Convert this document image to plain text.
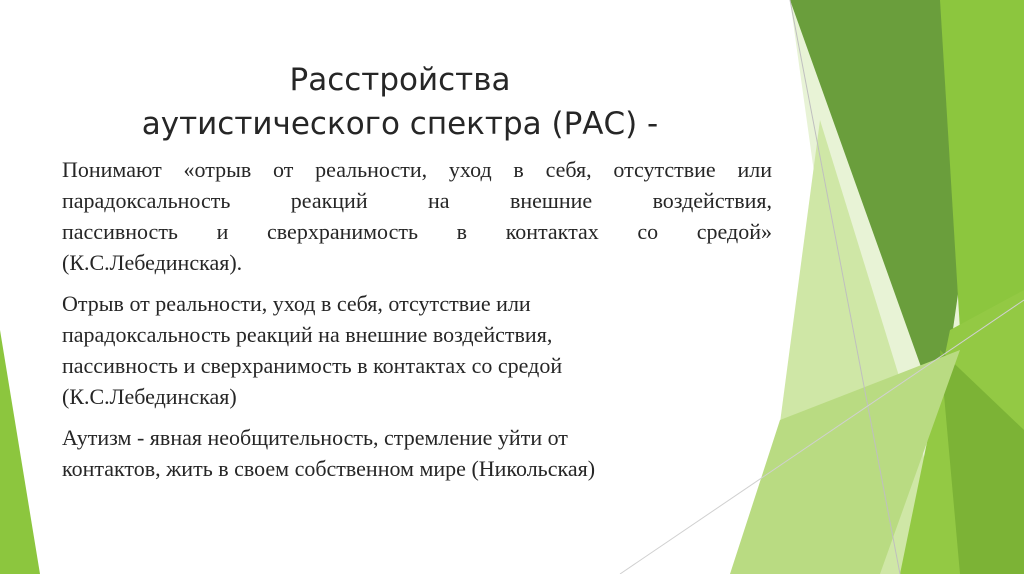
Расстройства
аутистического спектра (РАС) -

Понимают «отрыв от реальности, уход в себя, отсутствие или
парадоксальность реакций на внешние воздействия,
пассивность и сверхранимость в контактах со средой»
(К.С.Лебединская).

Отрыв от реальности, уход в себя, отсутствие или
парадоксальность реакций на внешние воздействия,
пассивность и сверхранимость в контактах со средой
(К.С.Лебединская)

Аутизм - явная необщительность, стремление уйти от
контактов, жить в своем собственном мире (Никольская)
